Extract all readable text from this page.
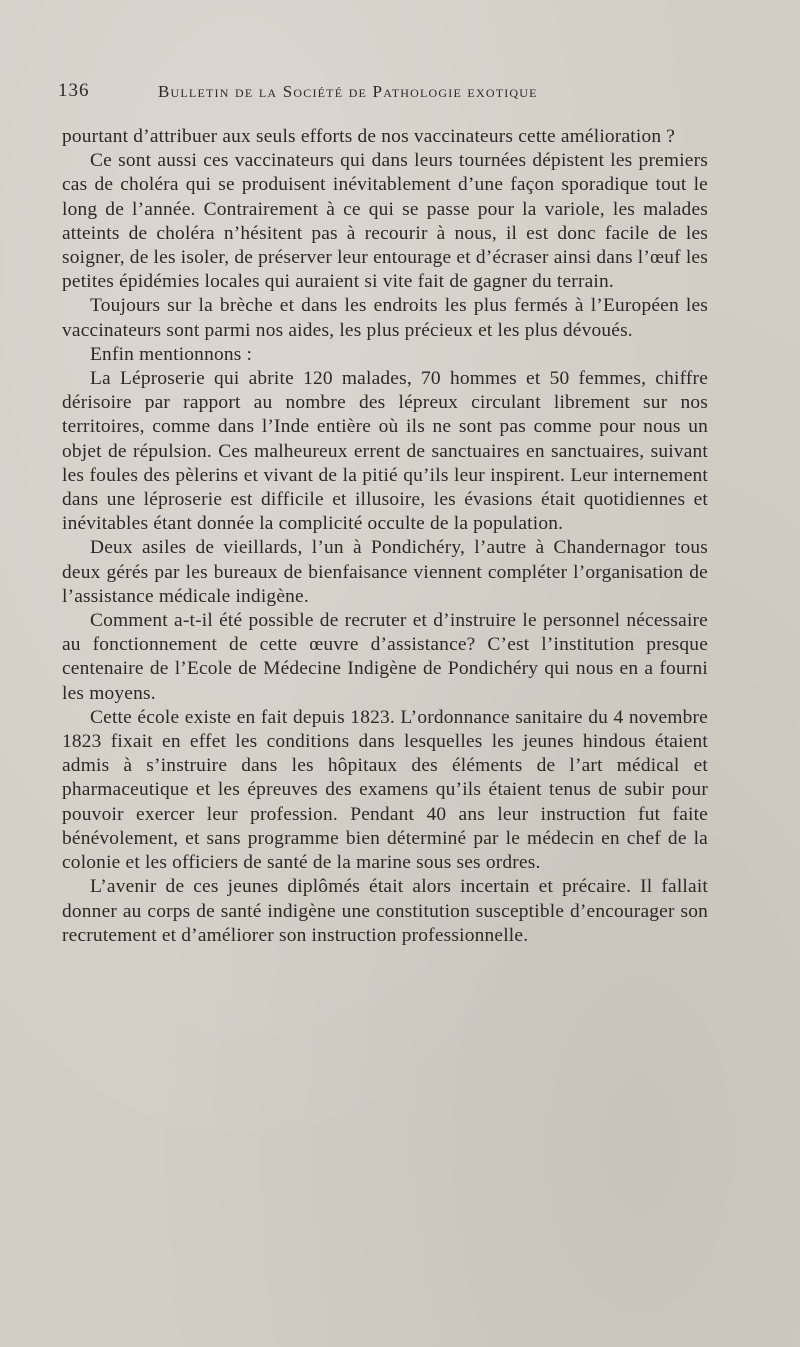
136	Bulletin de la Société de Pathologie exotique

pourtant d’attribuer aux seuls efforts de nos vaccinateurs cette amélioration ?

Ce sont aussi ces vaccinateurs qui dans leurs tournées dépistent les premiers cas de choléra qui se produisent inévitablement d’une façon sporadique tout le long de l’année. Contrairement à ce qui se passe pour la variole, les malades atteints de choléra n’hésitent pas à recourir à nous, il est donc facile de les soigner, de les isoler, de préserver leur entourage et d’écraser ainsi dans l’œuf les petites épidémies locales qui auraient si vite fait de gagner du terrain.

Toujours sur la brèche et dans les endroits les plus fermés à l’Européen les vaccinateurs sont parmi nos aides, les plus précieux et les plus dévoués.

Enfin mentionnons :

La Léproserie qui abrite 120 malades, 70 hommes et 50 femmes, chiffre dérisoire par rapport au nombre des lépreux circulant librement sur nos territoires, comme dans l’Inde entière où ils ne sont pas comme pour nous un objet de répulsion. Ces malheureux errent de sanctuaires en sanctuaires, suivant les foules des pèlerins et vivant de la pitié qu’ils leur inspirent. Leur internement dans une léproserie est difficile et illusoire, les évasions était quotidiennes et inévitables étant donnée la complicité occulte de la population.

Deux asiles de vieillards, l’un à Pondichéry, l’autre à Chandernagor tous deux gérés par les bureaux de bienfaisance viennent compléter l’organisation de l’assistance médicale indigène.

Comment a-t-il été possible de recruter et d’instruire le personnel nécessaire au fonctionnement de cette œuvre d’assistance? C’est l’institution presque centenaire de l’Ecole de Médecine Indigène de Pondichéry qui nous en a fourni les moyens.

Cette école existe en fait depuis 1823. L’ordonnance sanitaire du 4 novembre 1823 fixait en effet les conditions dans lesquelles les jeunes hindous étaient admis à s’instruire dans les hôpitaux des éléments de l’art médical et pharmaceutique et les épreuves des examens qu’ils étaient tenus de subir pour pouvoir exercer leur profession. Pendant 40 ans leur instruction fut faite bénévolement, et sans programme bien déterminé par le médecin en chef de la colonie et les officiers de santé de la marine sous ses ordres.

L’avenir de ces jeunes diplômés était alors incertain et précaire. Il fallait donner au corps de santé indigène une constitution susceptible d’encourager son recrutement et d’améliorer son instruction professionnelle.
